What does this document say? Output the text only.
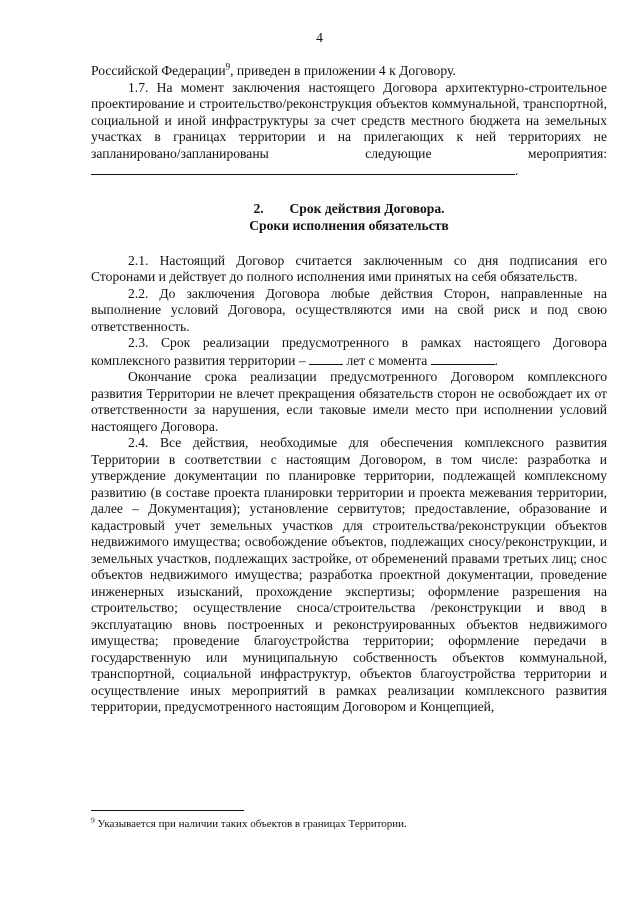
4

Российской Федерации$^9$, приведен в приложении 4 к Договору.

1.7. На момент заключения настоящего Договора архитектурно-строительное проектирование и строительство/реконструкция объектов коммунальной, транспортной, социальной и иной инфраструктуры за счет средств местного бюджета на земельных участках в границах территории и на прилегающих к ней территориях не запланировано/запланированы следующие мероприятия: .

2. Срок действия Договора.

Сроки исполнения обязательств

2.1. Настоящий Договор считается заключенным со дня подписания его Сторонами и действует до полного исполнения ими принятых на себя обязательств.

2.2. До заключения Договора любые действия Сторон, направленные на выполнение условий Договора, осуществляются ими на свой риск и под свою ответственность.

2.3. Срок реализации предусмотренного в рамках настоящего Договора комплексного развития территории –	лет с момента	.

Окончание срока реализации предусмотренного Договором комплексного развития Территории не влечет прекращения обязательств сторон не освобождает их от ответственности за нарушения, если таковые имели место при исполнении условий настоящего Договора.

2.4. Все действия, необходимые для обеспечения комплексного развития Территории в соответствии с настоящим Договором, в том числе: разработка и утверждение документации по планировке территории, подлежащей комплексному развитию (в составе проекта планировки территории и проекта межевания территории, далее – Документация); установление сервитутов; предоставление, образование и кадастровый учет земельных участков для строительства/реконструкции объектов недвижимого имущества; освобождение объектов, подлежащих сносу/реконструкции, и земельных участков, подлежащих застройке, от обременений правами третьих лиц; снос объектов недвижимого имущества; разработка проектной документации, проведение инженерных изысканий, прохождение экспертизы; оформление разрешения на строительство; осуществление сноса/строительства /реконструкции и ввод в эксплуатацию вновь построенных и реконструированных объектов недвижимого имущества; проведение благоустройства территории; оформление передачи в государственную или муниципальную собственность объектов коммунальной, транспортной, социальной инфраструктур, объектов благоустройства территории и осуществление иных мероприятий в рамках реализации комплексного развития территории, предусмотренного настоящим Договором и Концепцией,

$^9$ Указывается при наличии таких объектов в границах Территории.
